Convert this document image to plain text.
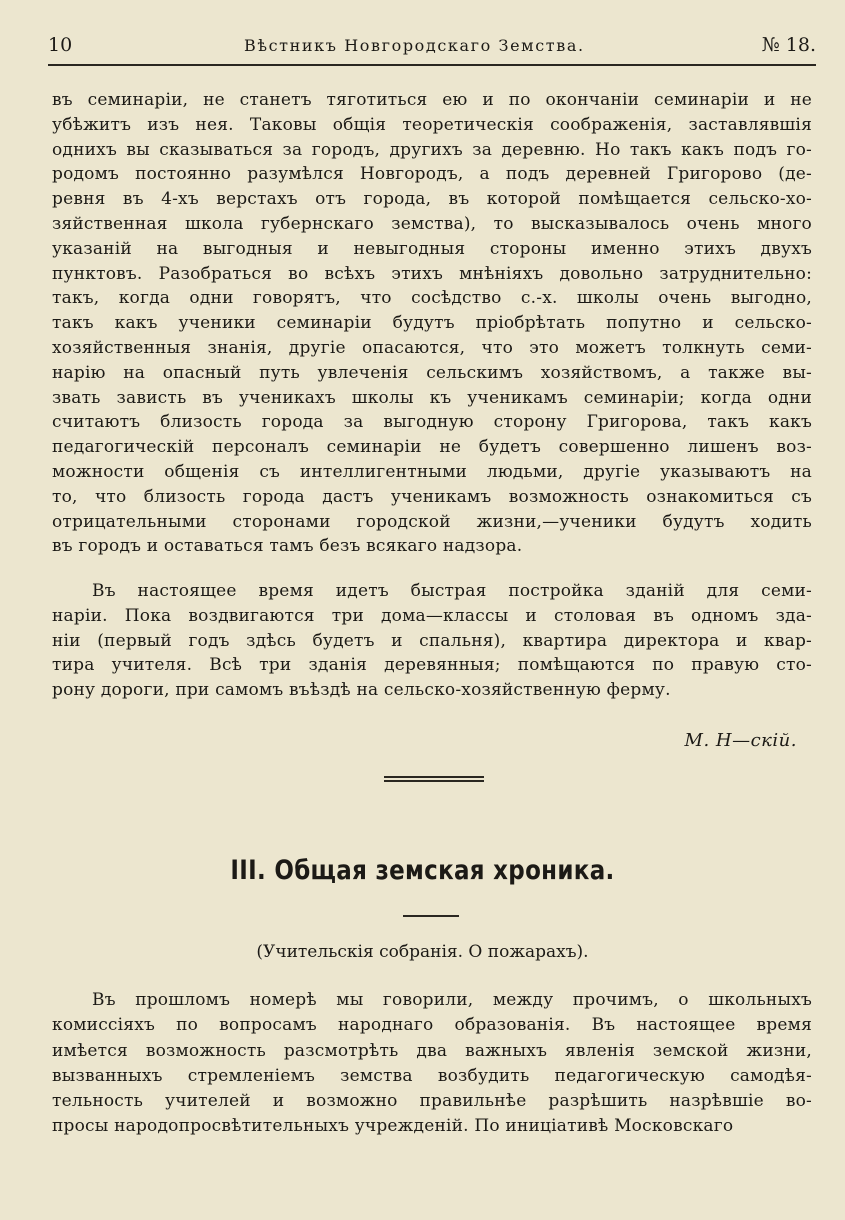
10	Вѣстникъ Новгородскаго Земства.	№ 18.
въ семинаріи, не станетъ тяготиться ею и по окончаніи семинаріи и не
убѣжитъ изъ нея. Таковы общія теоретическія соображенія, заставлявшія
однихъ вы сказываться за городъ, другихъ за деревню. Но такъ какъ подъ го-
родомъ постоянно разумѣлся Новгородъ, а подъ деревней Григорово (де-
ревня въ 4-хъ верстахъ отъ города, въ которой помѣщается сельско-хо-
зяйственная школа губернскаго земства), то высказывалось очень много
указаній на выгодныя и невыгодныя стороны именно этихъ двухъ
пунктовъ. Разобраться во всѣхъ этихъ мнѣніяхъ довольно затруднительно:
такъ, когда одни говорятъ, что сосѣдство с.-х. школы очень выгодно,
такъ какъ ученики семинаріи будутъ пріобрѣтать попутно и сельско-
хозяйственныя знанія, другіе опасаются, что это можетъ толкнуть семи-
нарію на опасный путь увлеченія сельскимъ хозяйствомъ, а также вы-
звать зависть въ ученикахъ школы къ ученикамъ семинаріи; когда одни
считаютъ близость города за выгодную сторону Григорова, такъ какъ
педагогическій персоналъ семинаріи не будетъ совершенно лишенъ воз-
можности общенія съ интеллигентными людьми, другіе указываютъ на
то, что близость города дастъ ученикамъ возможность ознакомиться съ
отрицательными сторонами городской жизни,—ученики будутъ ходить
въ городъ и оставаться тамъ безъ всякаго надзора.
Въ настоящее время идетъ быстрая постройка зданій для семи-
наріи. Пока воздвигаются три дома—классы и столовая въ одномъ зда-
ніи (первый годъ здѣсь будетъ и спальня), квартира директора и квар-
тира учителя. Всѣ три зданія деревянныя; помѣщаются по правую сто-
рону дороги, при самомъ въѣздѣ на сельско-хозяйственную ферму.
М. Н—скій.
III. Общая земская хроника.
(Учительскія собранія. О пожарахъ).
Въ прошломъ номерѣ мы говорили, между прочимъ, о школьныхъ
комиссіяхъ по вопросамъ народнаго образованія. Въ настоящее время
имѣется возможность разсмотрѣть два важныхъ явленія земской жизни,
вызванныхъ стремленіемъ земства возбудить педагогическую самодѣя-
тельность учителей и возможно правильнѣе разрѣшить назрѣвшіе во-
просы народопросвѣтительныхъ учрежденій. По иниціативѣ Московскаго
